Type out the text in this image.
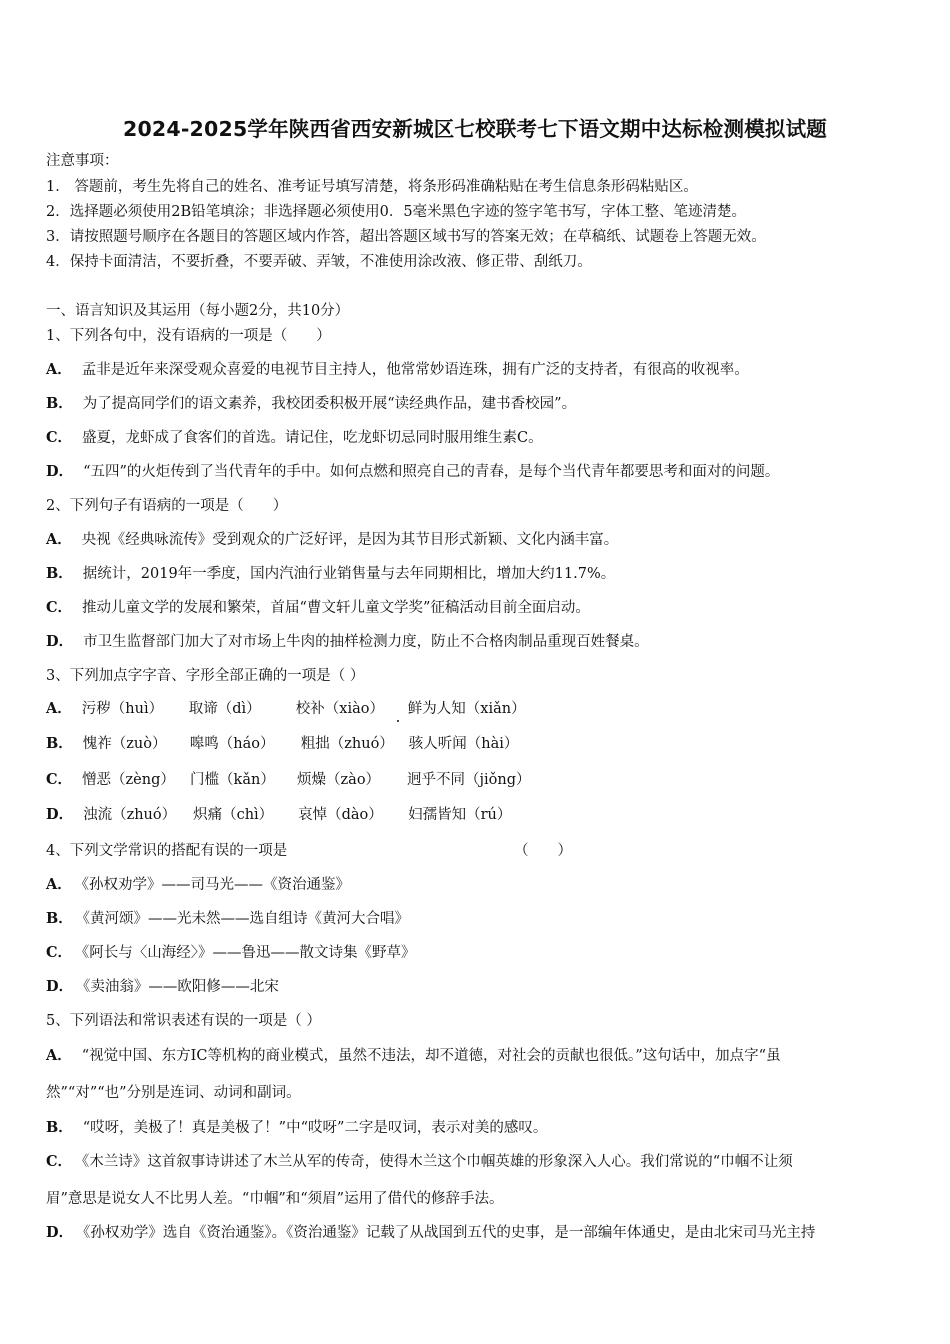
2024-2025学年陕西省西安新城区七校联考七下语文期中达标检测模拟试题
注意事项：
1． 答题前，考生先将自己的姓名、准考证号填写清楚，将条形码准确粘贴在考生信息条形码粘贴区。
2．选择题必须使用2B铅笔填涂；非选择题必须使用0．5毫米黑色字迹的签字笔书写，字体工整、笔迹清楚。
3．请按照题号顺序在各题目的答题区域内作答，超出答题区域书写的答案无效；在草稿纸、试题卷上答题无效。
4．保持卡面清洁，不要折叠，不要弄破、弄皱，不准使用涂改液、修正带、刮纸刀。
一、语言知识及其运用（每小题2分，共10分）
1、下列各句中，没有语病的一项是（　　）
A． 孟非是近年来深受观众喜爱的电视节目主持人，他常常妙语连珠，拥有广泛的支持者，有很高的收视率。
B． 为了提高同学们的语文素养，我校团委积极开展“读经典作品，建书香校园”。
C． 盛夏，龙虾成了食客们的首选。请记住，吃龙虾切忌同时服用维生素C。
D． “五四”的火炬传到了当代青年的手中。如何点燃和照亮自己的青春，是每个当代青年都要思考和面对的问题。
2、下列句子有语病的一项是（　　）
A． 央视《经典咏流传》受到观众的广泛好评，是因为其节目形式新颖、文化内涵丰富。
B． 据统计，2019年一季度，国内汽油行业销售量与去年同期相比，增加大约11.7%。
C． 推动儿童文学的发展和繁荣，首届“曹文轩儿童文学奖”征稿活动目前全面启动。
D． 市卫生监督部门加大了对市场上牛肉的抽样检测力度，防止不合格肉制品重现百姓餐桌。
3、下列加点字字音、字形全部正确的一项是（ ）
A． 污秽（huì） 取谛（dì） 校补（xiào） 鲜为人知（xiǎn）
B． 愧祚（zuò） 嗥鸣（háo） 粗拙（zhuó） 骇人听闻（hài）
C． 憎恶（zèng） 门槛（kǎn） 烦燥（zào） 迥乎不同（jiǒng）
D． 浊流（zhuó） 炽痛（chì） 哀悼（dào） 妇孺皆知（rú）
4、下列文学常识的搭配有误的一项是	（　　）
A． 《孙权劝学》——司马光——《资治通鉴》
B． 《黄河颂》——光未然——选自组诗《黄河大合唱》
C． 《阿长与〈山海经〉》——鲁迅——散文诗集《野草》
D． 《卖油翁》——欧阳修——北宋
5、下列语法和常识表述有误的一项是（ ）
A． “视觉中国、东方IC等机构的商业模式，虽然不违法，却不道德，对社会的贡献也很低。”这句话中，加点字“虽
然”“对”“也”分别是连词、动词和副词。
B． “哎呀，美极了！真是美极了！”中“哎呀”二字是叹词，表示对美的感叹。
C． 《木兰诗》这首叙事诗讲述了木兰从军的传奇，使得木兰这个巾帼英雄的形象深入人心。我们常说的“巾帼不让须
眉”意思是说女人不比男人差。“巾帼”和“须眉”运用了借代的修辞手法。
D． 《孙权劝学》选自《资治通鉴》。《资治通鉴》记载了从战国到五代的史事，是一部编年体通史，是由北宋司马光主持
